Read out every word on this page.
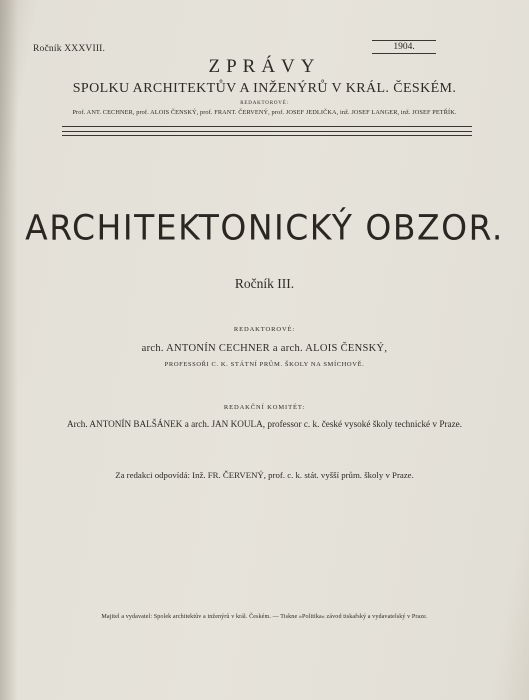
Ročník XXXVIII.	1904.
ZPRÁVY
SPOLKU ARCHITEKTŮV A INŽENÝRŮ V KRÁL. ČESKÉM.
REDAKTOROVÉ:
Prof. ANT. CECHNER, prof. ALOIS ČENSKÝ, prof. FRANT. ČERVENÝ, prof. JOSEF JEDLIČKA, inž. JOSEF LANGER, inž. JOSEF PETŘÍK.
ARCHITEKTONICKÝ OBZOR.
Ročník III.
REDAKTOROVÉ:
arch. ANTONÍN CECHNER a arch. ALOIS ČENSKÝ,
PROFESSOŘI C. K. STÁTNÍ PRŮM. ŠKOLY NA SMÍCHOVĚ.
REDAKČNÍ KOMITÉT:
Arch. ANTONÍN BALŠÁNEK a arch. JAN KOULA, professor c. k. české vysoké školy technické v Praze.
Za redakci odpovídá: Inž. FR. ČERVENÝ, prof. c. k. stát. vyšší prům. školy v Praze.
Majitel a vydavatel: Spolek architektův a inženýrů v král. Českém. — Tiskne »Politika« závod tiskařský a vydavatelský v Praze.
